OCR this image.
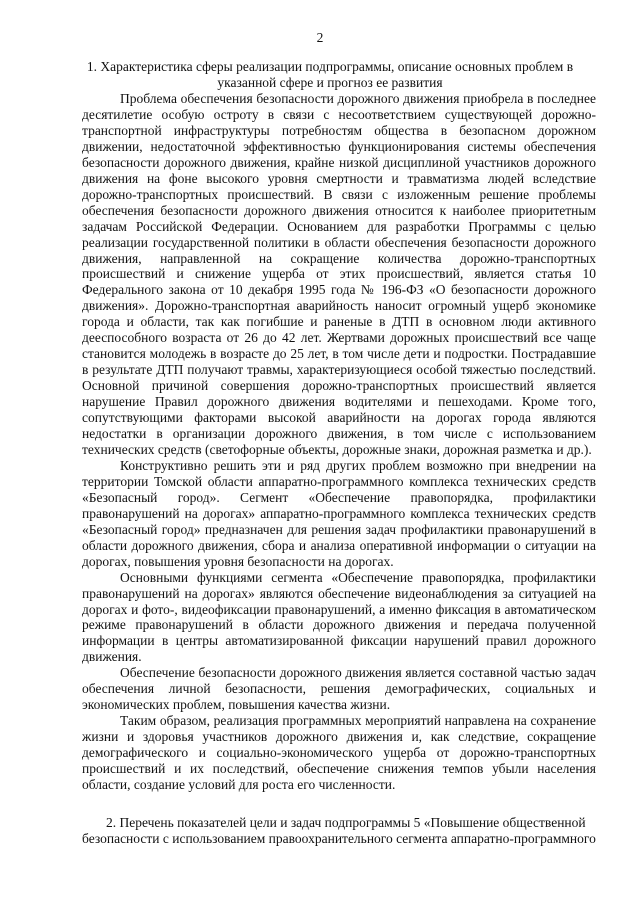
2
1. Характеристика сферы реализации подпрограммы, описание основных проблем в указанной сфере и прогноз ее развития

Проблема обеспечения безопасности дорожного движения приобрела в последнее десятилетие особую остроту в связи с несоответствием существующей дорожно-транспортной инфраструктуры потребностям общества в безопасном дорожном движении, недостаточной эффективностью функционирования системы обеспечения безопасности дорожного движения, крайне низкой дисциплиной участников дорожного движения на фоне высокого уровня смертности и травматизма людей вследствие дорожно-транспортных происшествий. В связи с изложенным решение проблемы обеспечения безопасности дорожного движения относится к наиболее приоритетным задачам Российской Федерации. Основанием для разработки Программы с целью реализации государственной политики в области обеспечения безопасности дорожного движения, направленной на сокращение количества дорожно-транспортных происшествий и снижение ущерба от этих происшествий, является статья 10 Федерального закона от 10 декабря 1995 года № 196-ФЗ «О безопасности дорожного движения». Дорожно-транспортная аварийность наносит огромный ущерб экономике города и области, так как погибшие и раненые в ДТП в основном люди активного дееспособного возраста от 26 до 42 лет. Жертвами дорожных происшествий все чаще становится молодежь в возрасте до 25 лет, в том числе дети и подростки. Пострадавшие в результате ДТП получают травмы, характеризующиеся особой тяжестью последствий. Основной причиной совершения дорожно-транспортных происшествий является нарушение Правил дорожного движения водителями и пешеходами. Кроме того, сопутствующими факторами высокой аварийности на дорогах города являются недостатки в организации дорожного движения, в том числе с использованием технических средств (светофорные объекты, дорожные знаки, дорожная разметка и др.).

Конструктивно решить эти и ряд других проблем возможно при внедрении на территории Томской области аппаратно-программного комплекса технических средств «Безопасный город». Сегмент «Обеспечение правопорядка, профилактики правонарушений на дорогах» аппаратно-программного комплекса технических средств «Безопасный город» предназначен для решения задач профилактики правонарушений в области дорожного движения, сбора и анализа оперативной информации о ситуации на дорогах, повышения уровня безопасности на дорогах.

Основными функциями сегмента «Обеспечение правопорядка, профилактики правонарушений на дорогах» являются обеспечение видеонаблюдения за ситуацией на дорогах и фото-, видеофиксации правонарушений, а именно фиксация в автоматическом режиме правонарушений в области дорожного движения и передача полученной информации в центры автоматизированной фиксации нарушений правил дорожного движения.

Обеспечение безопасности дорожного движения является составной частью задач обеспечения личной безопасности, решения демографических, социальных и экономических проблем, повышения качества жизни.

Таким образом, реализация программных мероприятий направлена на сохранение жизни и здоровья участников дорожного движения и, как следствие, сокращение демографического и социально-экономического ущерба от дорожно-транспортных происшествий и их последствий, обеспечение снижения темпов убыли населения области, создание условий для роста его численности.

2. Перечень показателей цели и задач подпрограммы 5 «Повышение общественной безопасности с использованием правоохранительного сегмента аппаратно-программного
